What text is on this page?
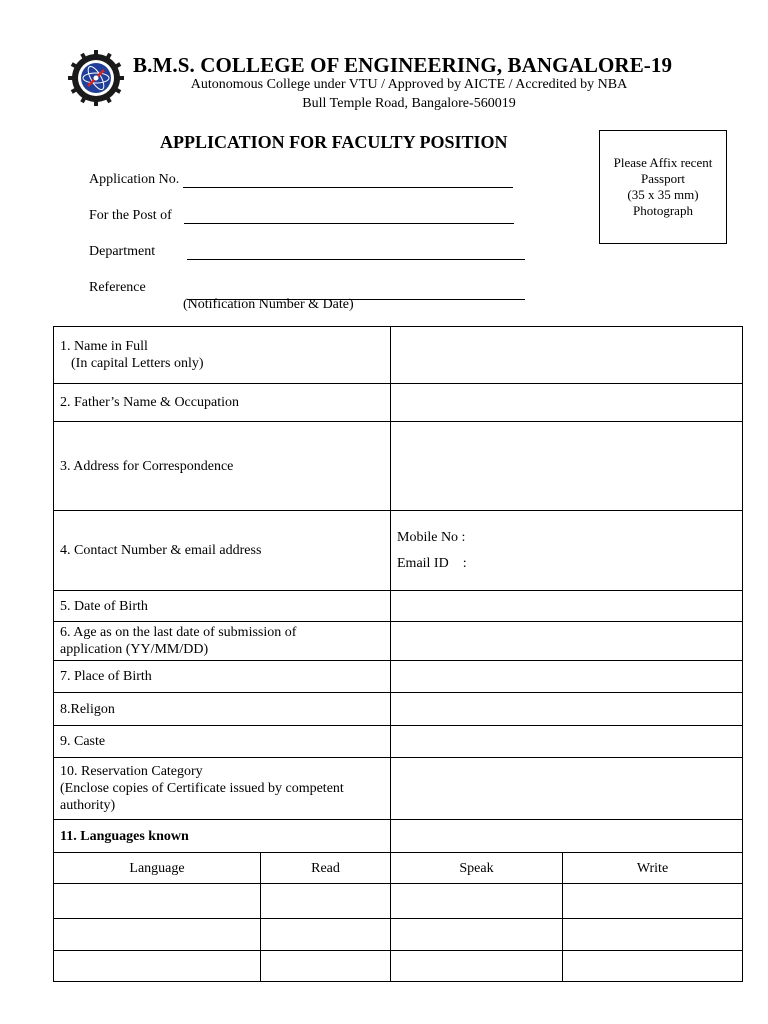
B.M.S. COLLEGE OF ENGINEERING, BANGALORE-19
Autonomous College under VTU / Approved by AICTE / Accredited by NBA
Bull Temple Road, Bangalore-560019
APPLICATION FOR FACULTY POSITION
Application No.
For the Post of
Department
Reference
(Notification Number & Date)
Please Affix recent
Passport
(35 x 35 mm)
Photograph
1. Name in Full
(In capital Letters only)			

2. Father’s Name & Occupation			
3. Address for Correspondence			
4. Contact Number & email address		Mobile No :
Email ID    :	

5. Date of Birth			

6. Age as on the last date of submission of
application (YY/MM/DD)			

7. Place of Birth			
8.Religon			
9. Caste			

10. Reservation Category
(Enclose copies of Certificate issued by competent
authority)			

11. Languages known			
Language	Read	Speak	Write
